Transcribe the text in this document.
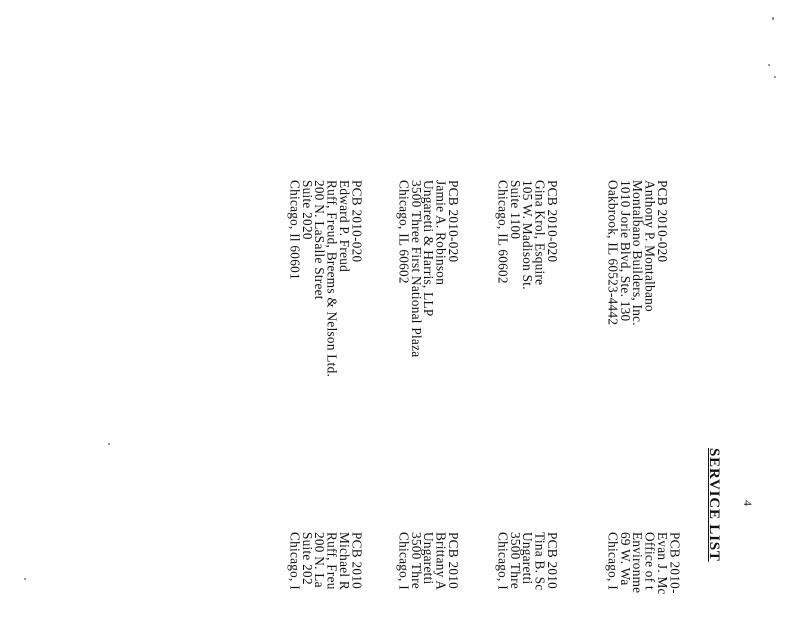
4
SERVICE LIST
PCB 2010-020
Anthony P. Montalbano
Montalbano Builders, Inc.
1010 Jorie Blvd, Ste. 130
Oakbrook, IL 60523-4442
PCB 2010-020
Gina Krol, Esquire
105 W. Madison St.
Suite 1100
Chicago, IL 60602
PCB 2010-020
Jamie A. Robinson
Ungaretti & Harris, LLP
3500 Three First National Plaza
Chicago, IL 60602
PCB 2010-020
Edward P. Freud
Ruff, Freud, Breems & Nelson Ltd.
200 N. LaSalle Street
Suite 2020
Chicago, Il 60601
PCB 2010-
Evan J. Mc
Office of t
Environme
69 W. Wa
Chicago, I
PCB 2010
Tina B. Sc
Ungaretti
3500 Thre
Chicago, I
PCB 2010
Brittany A
Ungaretti
3500 Thre
Chicago, I
PCB 2010
Michael R
Ruff, Freu
200 N. La
Suite 202
Chicago, I
